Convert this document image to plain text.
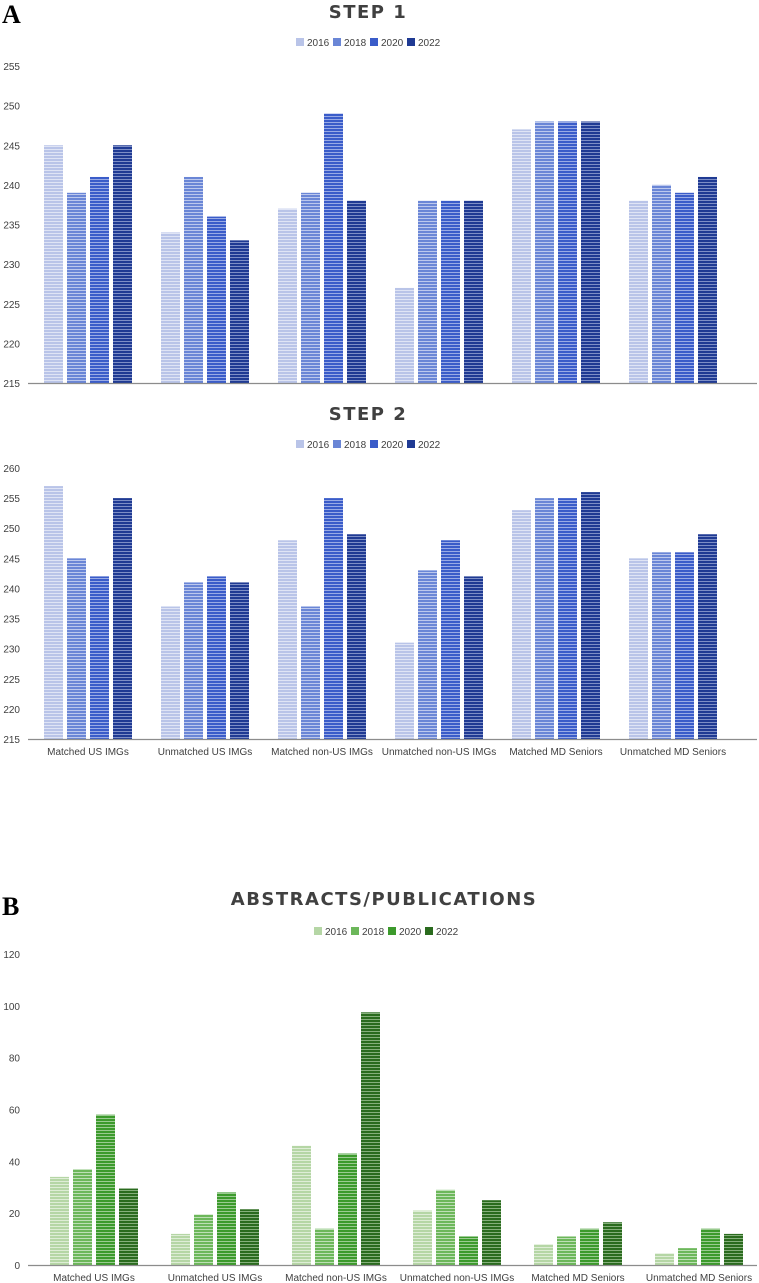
A
B
STEP 1
2016 2018 2020 2022
215
220
225
230
235
240
245
250
255
STEP 2
2016 2018 2020 2022
215
220
225
230
235
240
245
250
255
260
Matched US IMGs	Unmatched US IMGs Matched non-US IMGs Unmatched non-US IMGs Matched MD Seniors Unmatched MD Seniors
ABSTRACTS/PUBLICATIONS
2016 2018 2020 2022
0
20
40
60
80
100
120
Matched US IMGs	Unmatched US IMGs Matched non-US IMGs Unmatched non-US IMGs Matched MD Seniors Unmatched MD Seniors
